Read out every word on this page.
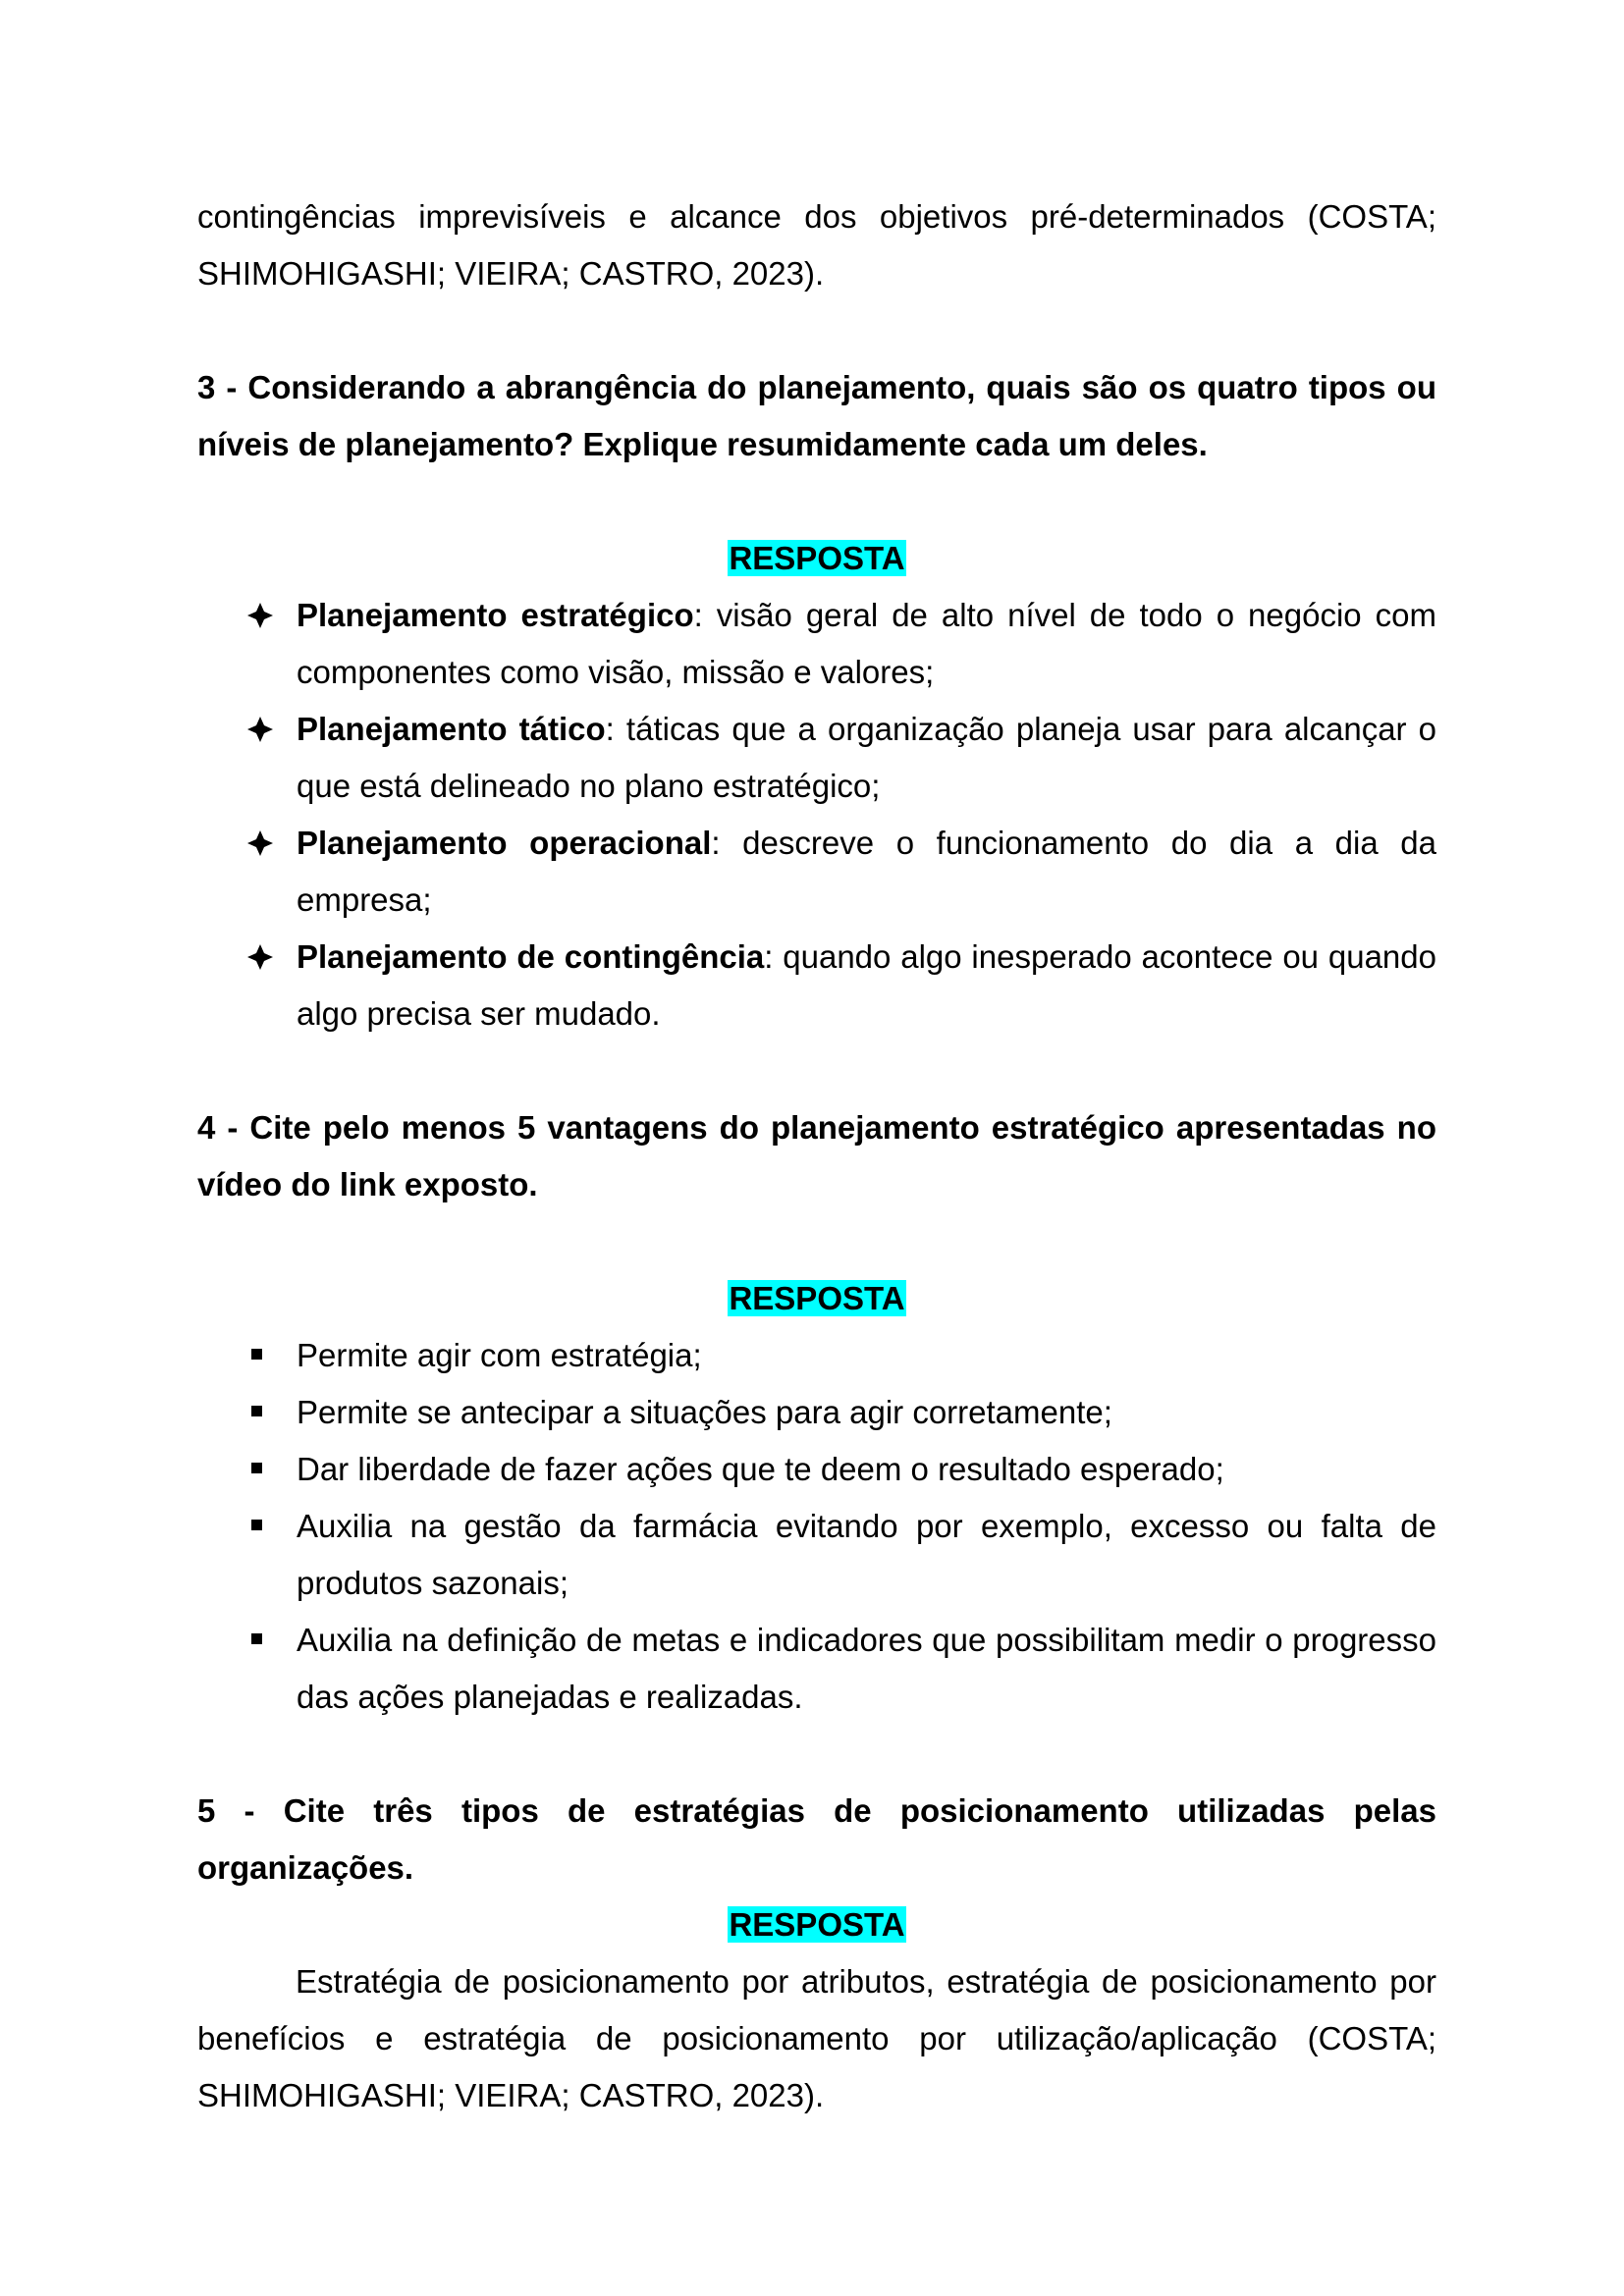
contingências imprevisíveis e alcance dos objetivos pré-determinados (COSTA; SHIMOHIGASHI; VIEIRA; CASTRO, 2023).

3 - Considerando a abrangência do planejamento, quais são os quatro tipos ou níveis de planejamento? Explique resumidamente cada um deles.

RESPOSTA

Planejamento estratégico: visão geral de alto nível de todo o negócio com componentes como visão, missão e valores;
Planejamento tático: táticas que a organização planeja usar para alcançar o que está delineado no plano estratégico;
Planejamento operacional: descreve o funcionamento do dia a dia da empresa;
Planejamento de contingência: quando algo inesperado acontece ou quando algo precisa ser mudado.

4 - Cite pelo menos 5 vantagens do planejamento estratégico apresentadas no vídeo do link exposto.

RESPOSTA

Permite agir com estratégia;
Permite se antecipar a situações para agir corretamente;
Dar liberdade de fazer ações que te deem o resultado esperado;
Auxilia na gestão da farmácia evitando por exemplo, excesso ou falta de produtos sazonais;
Auxilia na definição de metas e indicadores que possibilitam medir o progresso das ações planejadas e realizadas.

5 - Cite três tipos de estratégias de posicionamento utilizadas pelas organizações.

RESPOSTA

Estratégia de posicionamento por atributos, estratégia de posicionamento por benefícios e estratégia de posicionamento por utilização/aplicação (COSTA; SHIMOHIGASHI; VIEIRA; CASTRO, 2023).
